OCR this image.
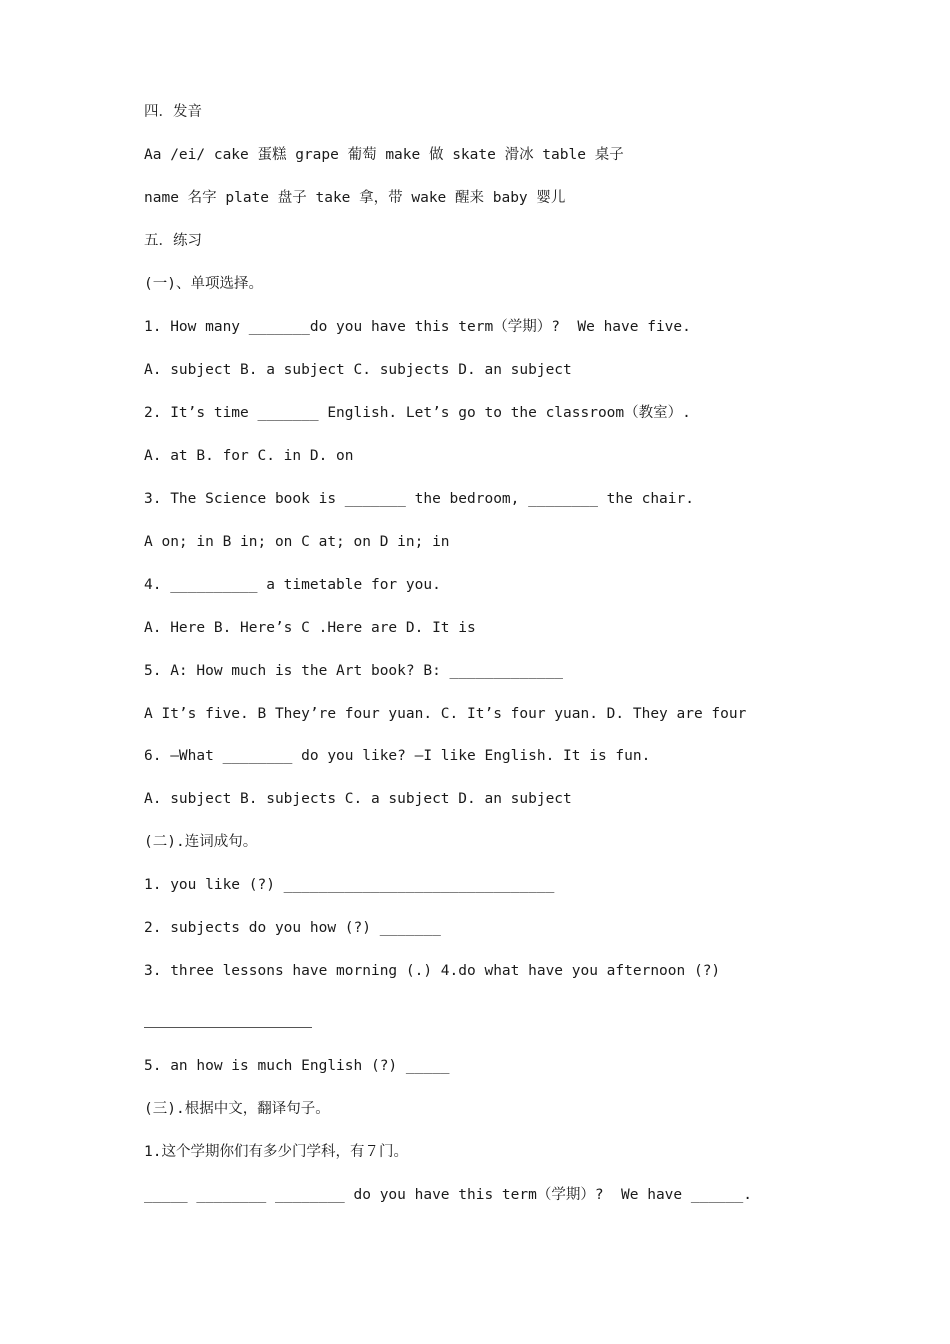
四．发音
Aa /ei/ cake 蛋糕 grape 葡萄 make 做 skate 滑冰 table 桌子
name 名字 plate 盘子 take 拿，带 wake 醒来 baby 婴儿
五．练习
(一)、单项选择。
1. How many _______do you have this term（学期）?  We have five.
A. subject B. a subject C. subjects D. an subject
2. It’s time _______ English. Let’s go to the classroom（教室）.
A. at B. for C. in D. on
3. The Science book is _______ the bedroom, ________ the chair.
A on; in B in; on C at; on D in; in
4. __________ a timetable for you.
A. Here B. Here’s C .Here are D. It is
5. A: How much is the Art book? B: _____________
A It’s five. B They’re four yuan. C. It’s four yuan. D. They are four
6. —What ________ do you like? —I like English. It is fun.
A. subject B. subjects C. a subject D. an subject
(二).连词成句。
1. you like (?) _______________________________
2. subjects do you how (?) _______
3. three lessons have morning (.) 4.do what have you afternoon (?)
5. an how is much English (?) _____
(三).根据中文，翻译句子。
1.这个学期你们有多少门学科，有７门。
_____ ________ ________ do you have this term（学期）?  We have ______.
